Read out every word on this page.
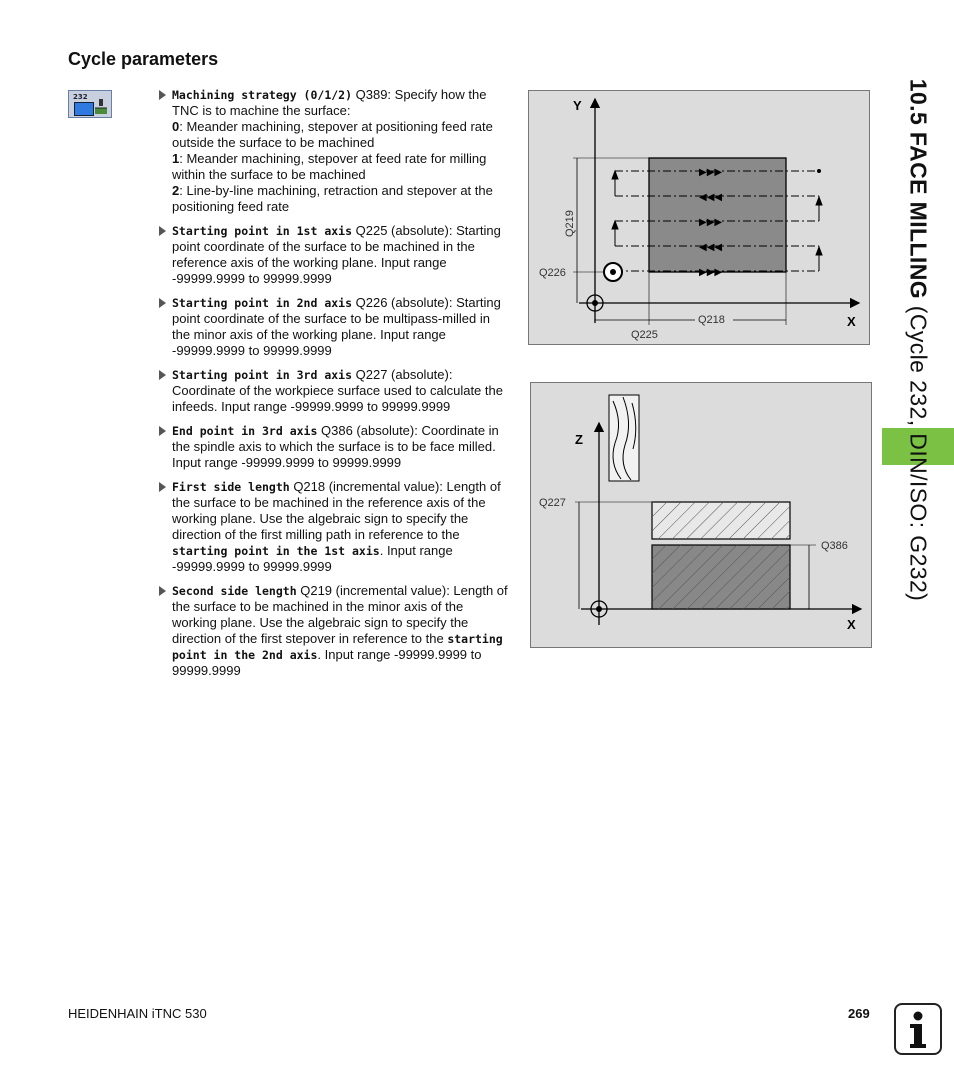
Cycle parameters
232	Machining strategy (0/1/2) Q389: Specify how the TNC is to machine the surface:
0: Meander machining, stepover at positioning feed rate outside the surface to be machined
1: Meander machining, stepover at feed rate for milling within the surface to be machined
2: Line-by-line machining, retraction and stepover at the positioning feed rate
Starting point in 1st axis Q225 (absolute): Starting point coordinate of the surface to be machined in the reference axis of the working plane. Input range -99999.9999 to 99999.9999
Starting point in 2nd axis Q226 (absolute): Starting point coordinate of the surface to be multipass-milled in the minor axis of the working plane. Input range -99999.9999 to 99999.9999
Starting point in 3rd axis Q227 (absolute): Coordinate of the workpiece surface used to calculate the infeeds. Input range -99999.9999 to 99999.9999
End point in 3rd axis Q386 (absolute): Coordinate in the spindle axis to which the surface is to be face milled. Input range -99999.9999 to 99999.9999
First side length Q218 (incremental value): Length of the surface to be machined in the reference axis of the working plane. Use the algebraic sign to specify the direction of the first milling path in reference to the starting point in the 1st axis. Input range -99999.9999 to 99999.9999
Second side length Q219 (incremental value): Length of the surface to be machined in the minor axis of the working plane. Use the algebraic sign to specify the direction of the first stepover in reference to the starting point in the 2nd axis. Input range -99999.9999 to 99999.9999
Y
X
▶▶▶
◀◀◀
▶▶▶
◀◀◀
▶▶▶
Q219
Q226
Q218
Q225
Z
X
Q227
Q386
10.5 FACE MILLING (Cycle 232, DIN/ISO: G232)
HEIDENHAIN iTNC 530	269
